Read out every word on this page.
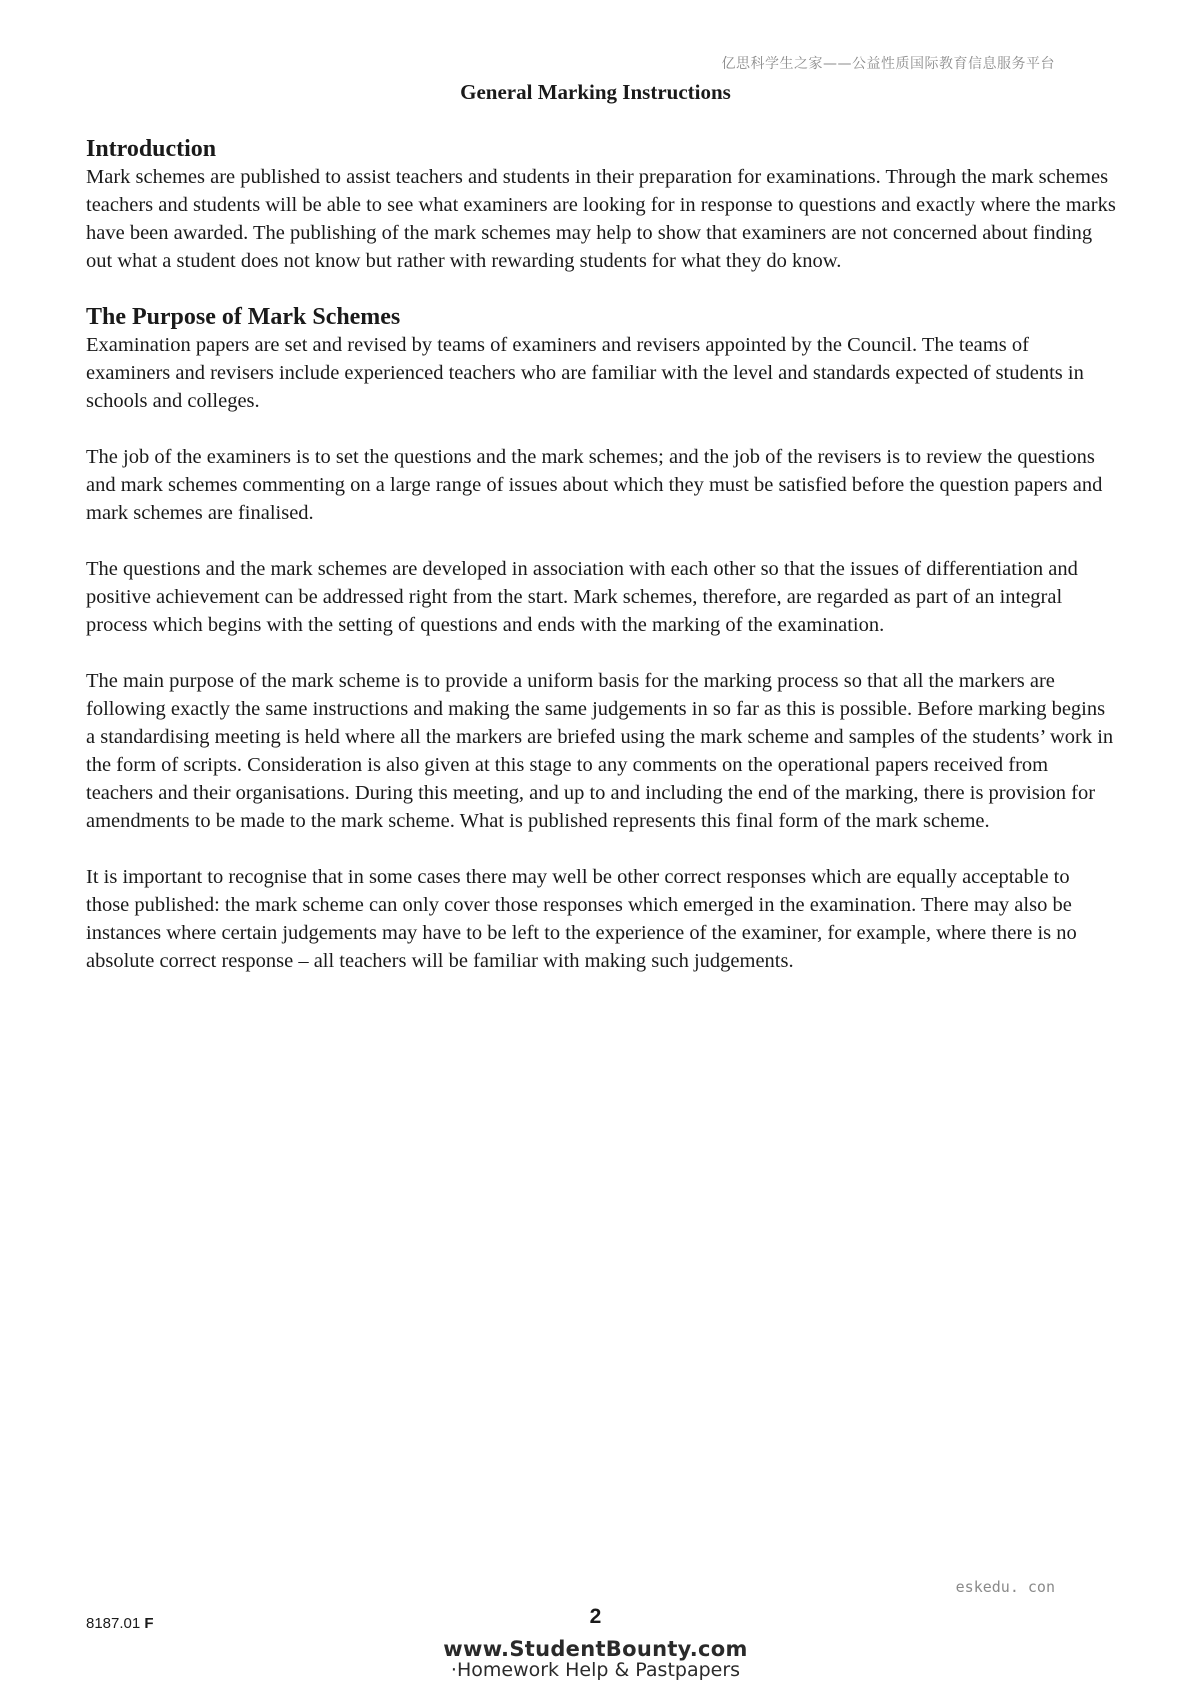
亿思科学生之家——公益性质国际教育信息服务平台
General Marking Instructions
Introduction

Mark schemes are published to assist teachers and students in their preparation for examinations. Through the mark schemes teachers and students will be able to see what examiners are looking for in response to questions and exactly where the marks have been awarded. The publishing of the mark schemes may help to show that examiners are not concerned about finding out what a student does not know but rather with rewarding students for what they do know.

The Purpose of Mark Schemes

Examination papers are set and revised by teams of examiners and revisers appointed by the Council. The teams of examiners and revisers include experienced teachers who are familiar with the level and standards expected of students in schools and colleges.

The job of the examiners is to set the questions and the mark schemes; and the job of the revisers is to review the questions and mark schemes commenting on a large range of issues about which they must be satisfied before the question papers and mark schemes are finalised.

The questions and the mark schemes are developed in association with each other so that the issues of differentiation and positive achievement can be addressed right from the start. Mark schemes, therefore, are regarded as part of an integral process which begins with the setting of questions and ends with the marking of the examination.

The main purpose of the mark scheme is to provide a uniform basis for the marking process so that all the markers are following exactly the same instructions and making the same judgements in so far as this is possible. Before marking begins a standardising meeting is held where all the markers are briefed using the mark scheme and samples of the students’ work in the form of scripts. Consideration is also given at this stage to any comments on the operational papers received from teachers and their organisations. During this meeting, and up to and including the end of the marking, there is provision for amendments to be made to the mark scheme. What is published represents this final form of the mark scheme.

It is important to recognise that in some cases there may well be other correct responses which are equally acceptable to those published: the mark scheme can only cover those responses which emerged in the examination. There may also be instances where certain judgements may have to be left to the experience of the examiner, for example, where there is no absolute correct response – all teachers will be familiar with making such judgements.

eskedu. con
8187.01 F	2
www.StudentBounty.com
·Homework Help & Pastpapers
